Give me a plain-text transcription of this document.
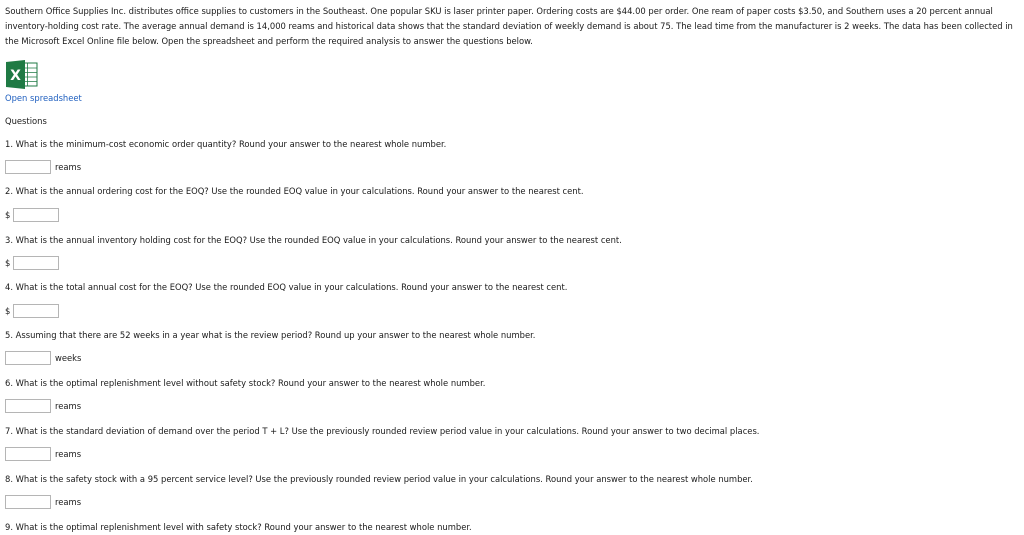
Southern Office Supplies Inc. distributes office supplies to customers in the Southeast. One popular SKU is laser printer paper. Ordering costs are $44.00 per order. One ream of paper costs $3.50, and Southern uses a 20 percent annual inventory-holding cost rate. The average annual demand is 14,000 reams and historical data shows that the standard deviation of weekly demand is about 75. The lead time from the manufacturer is 2 weeks. The data has been collected in the Microsoft Excel Online file below. Open the spreadsheet and perform the required analysis to answer the questions below.

X
Open spreadsheet
Questions
1. What is the minimum-cost economic order quantity? Round your answer to the nearest whole number.
reams
2. What is the annual ordering cost for the EOQ? Use the rounded EOQ value in your calculations. Round your answer to the nearest cent.
$
3. What is the annual inventory holding cost for the EOQ? Use the rounded EOQ value in your calculations. Round your answer to the nearest cent.
$
4. What is the total annual cost for the EOQ? Use the rounded EOQ value in your calculations. Round your answer to the nearest cent.
$
5. Assuming that there are 52 weeks in a year what is the review period? Round up your answer to the nearest whole number.
weeks
6. What is the optimal replenishment level without safety stock? Round your answer to the nearest whole number.
reams
7. What is the standard deviation of demand over the period T + L? Use the previously rounded review period value in your calculations. Round your answer to two decimal places.
reams
8. What is the safety stock with a 95 percent service level? Use the previously rounded review period value in your calculations. Round your answer to the nearest whole number.
reams
9. What is the optimal replenishment level with safety stock? Round your answer to the nearest whole number.
